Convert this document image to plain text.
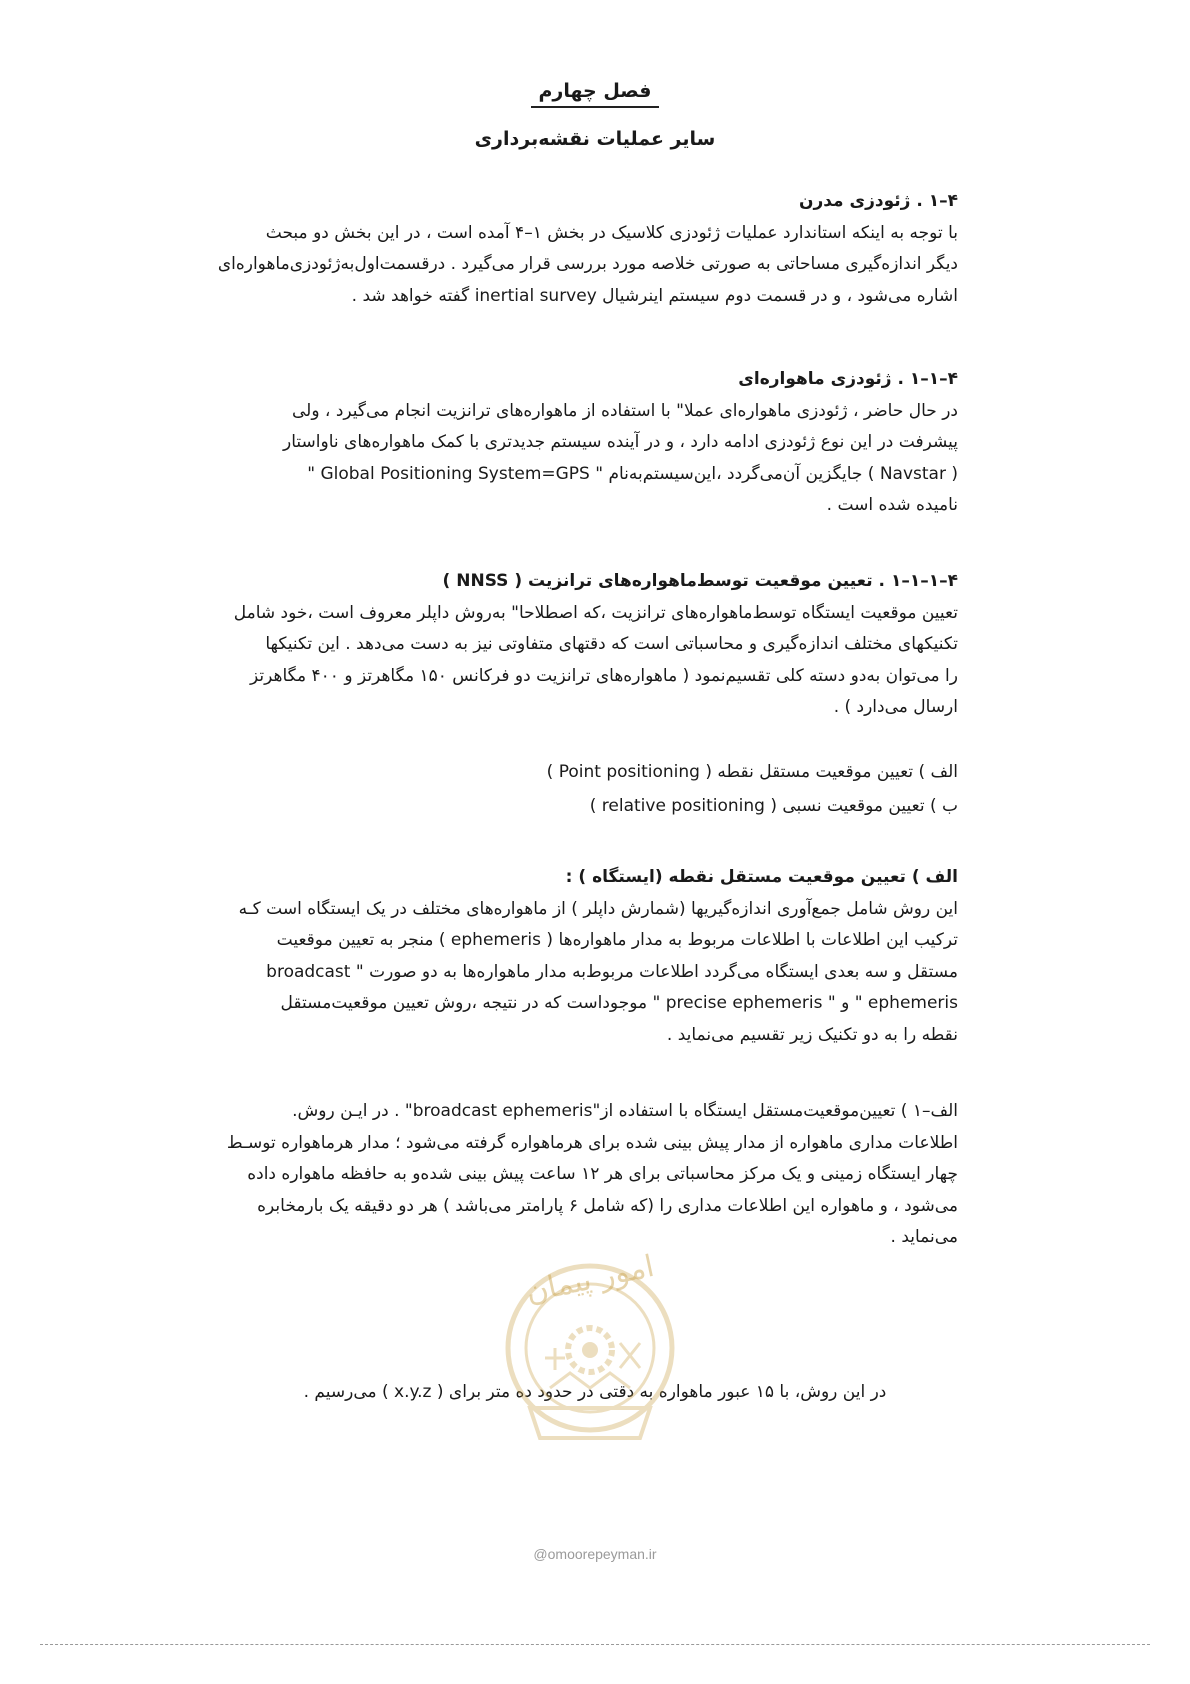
فصل چهارم
سایر عملیات نقشه‌برداری
۴–۱ . ژئودزی مدرن
با توجه به اینکه استاندارد عملیات ژئودزی کلاسیک در بخش ۱–۴ آمده است ، در این بخش دو مبحث
دیگر اندازه‌گیری مساحاتی به صورتی خلاصه مورد بررسی قرار می‌گیرد . درقسمت‌اول‌به‌ژئودزی‌ماهواره‌ای
اشاره می‌شود ، و در قسمت دوم سیستم اینرشیال inertial survey گفته خواهد شد .
۴–۱–۱ . ژئودزی ماهواره‌ای
در حال حاضر ، ژئودزی ماهواره‌ای عملا" با استفاده از ماهواره‌های ترانزیت انجام می‌گیرد ، ولی
پیشرفت در این نوع ژئودزی ادامه دارد ، و در آینده سیستم جدیدتری با کمک ماهواره‌های ناواستار
( Navstar ) جایگزین آن‌می‌گردد ،این‌سیستم‌به‌نام " Global Positioning System=GPS "
نامیده شده است .
۴–۱–۱–۱ . تعیین موقعیت توسط‌ماهواره‌های ترانزیت ( NNSS )
تعیین موقعیت ایستگاه توسط‌ماهواره‌های ترانزیت ،که اصطلاحا" به‌روش داپلر معروف است ،خود شامل
تکنیکهای مختلف اندازه‌گیری و محاسباتی است که دقتهای متفاوتی نیز به دست می‌دهد . این تکنیکها
را می‌توان به‌دو دسته کلی تقسیم‌نمود ( ماهواره‌های ترانزیت دو فرکانس ۱۵۰ مگاهرتز و ۴۰۰ مگاهرتز
ارسال می‌دارد ) .
الف ) تعیین موقعیت مستقل نقطه ( Point positioning )
ب ) تعیین موقعیت نسبی ( relative positioning )
الف ) تعیین موقعیت مستقل نقطه (ایستگاه ) :
این روش شامل جمع‌آوری اندازه‌گیریها (شمارش داپلر ) از ماهواره‌های مختلف در یک ایستگاه است کـه
ترکیب این اطلاعات با اطلاعات مربوط به مدار ماهواره‌ها ( ephemeris ) منجر به تعیین موقعیت
مستقل و سه بعدی ایستگاه می‌گردد اطلاعات مربوط‌به مدار ماهواره‌ها به دو صورت " broadcast
ephemeris " و " precise ephemeris " موجوداست که در نتیجه ،روش تعیین موقعیت‌مستقل
نقطه را به دو تکنیک زیر تقسیم می‌نماید .
الف–۱ ) تعیین‌موقعیت‌مستقل ایستگاه با استفاده از"broadcast ephemeris" . در ایـن روش.
اطلاعات مداری ماهواره از مدار پیش بینی شده برای هرماهواره گرفته می‌شود ؛ مدار هرماهواره توسـط
چهار ایستگاه زمینی و یک مرکز محاسباتی برای هر ۱۲ ساعت پیش بینی شده‌و به حافظه ماهواره داده
می‌شود ، و ماهواره این اطلاعات مداری را (که شامل ۶ پارامتر می‌باشد ) هر دو دقیقه یک بارمخابره
می‌نماید .
در این روش، با ۱۵ عبور ماهواره به دقتی در حدود ده متر برای ( x.y.z ) می‌رسیم .
امور پیمان
@omoorepeyman.ir
